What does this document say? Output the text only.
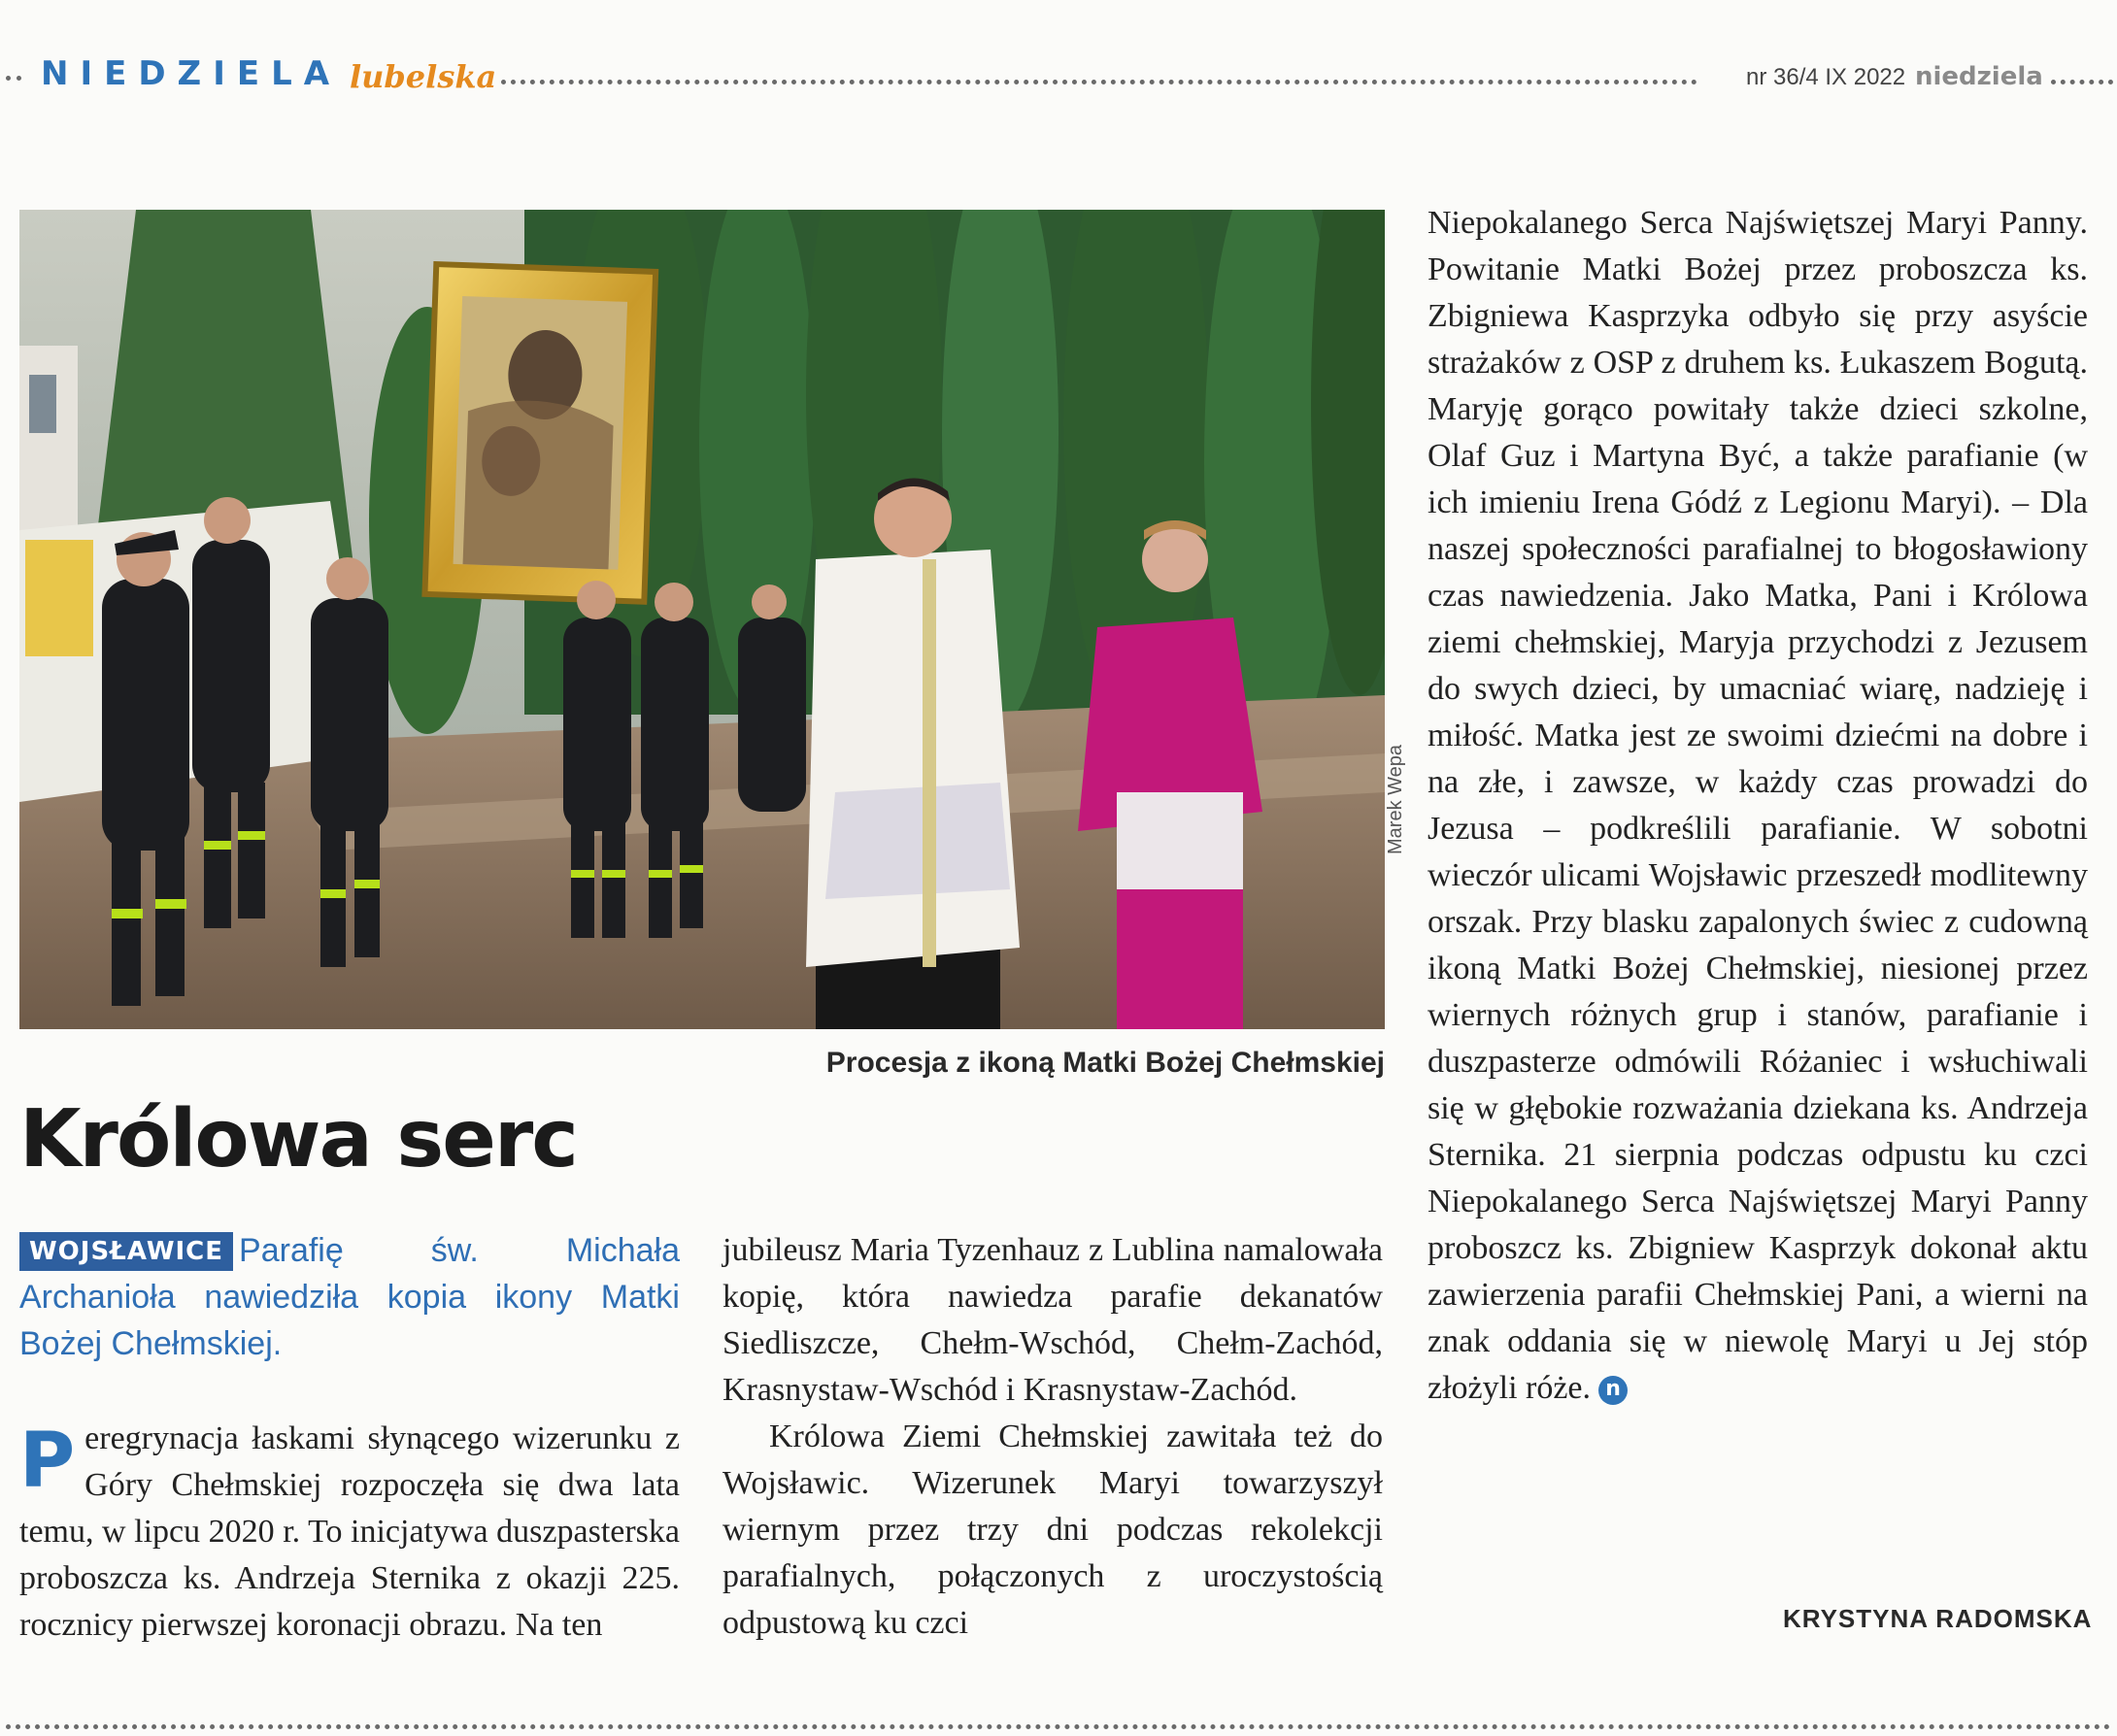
NIEDZIELA lubelska	nr 36/4 IX 2022 niedziela
Marek Wepa
Procesja z ikoną Matki Bożej Chełmskiej
Królowa serc
WOJSŁAWICE Parafię św. Michała Archanioła nawiedziła kopia ikony Matki Bożej Chełmskiej.
Peregrynacja łaskami słynącego wizerunku z Góry Chełmskiej rozpoczęła się dwa lata temu, w lipcu 2020 r. To inicjatywa duszpasterska proboszcza ks. Andrzeja Sternika z okazji 225. rocznicy pierwszej koronacji obrazu. Na ten

jubileusz Maria Tyzenhauz z Lublina namalowała kopię, która nawiedza parafie dekanatów Siedliszcze, Chełm-Wschód, Chełm-Zachód, Krasnystaw-Wschód i Krasnystaw-Zachód.

Królowa Ziemi Chełmskiej zawitała też do Wojsławic. Wizerunek Maryi towarzyszył wiernym przez trzy dni podczas rekolekcji parafialnych, połączonych z uroczystością odpustową ku czci

Niepokalanego Serca Najświętszej Maryi Panny. Powitanie Matki Bożej przez proboszcza ks. Zbigniewa Kasprzyka odbyło się przy asyście strażaków z OSP z druhem ks. Łukaszem Bogutą. Maryję gorąco powitały także dzieci szkolne, Olaf Guz i Martyna Być, a także parafianie (w ich imieniu Irena Gódź z Legionu Maryi). – Dla naszej społeczności parafialnej to błogosławiony czas nawiedzenia. Jako Matka, Pani i Królowa ziemi chełmskiej, Maryja przychodzi z Jezusem do swych dzieci, by umacniać wiarę, nadzieję i miłość. Matka jest ze swoimi dziećmi na dobre i na złe, i zawsze, w każdy czas prowadzi do Jezusa – podkreślili parafianie. W sobotni wieczór ulicami Wojsławic przeszedł modlitewny orszak. Przy blasku zapalonych świec z cudowną ikoną Matki Bożej Chełmskiej, niesionej przez wiernych różnych grup i stanów, parafianie i duszpasterze odmówili Różaniec i wsłuchiwali się w głębokie rozważania dziekana ks. Andrzeja Sternika. 21 sierpnia podczas odpustu ku czci Niepokalanego Serca Najświętszej Maryi Panny proboszcz ks. Zbigniew Kasprzyk dokonał aktu zawierzenia parafii Chełmskiej Pani, a wierni na znak oddania się w niewolę Maryi u Jej stóp złożyli róże. n

KRYSTYNA RADOMSKA
